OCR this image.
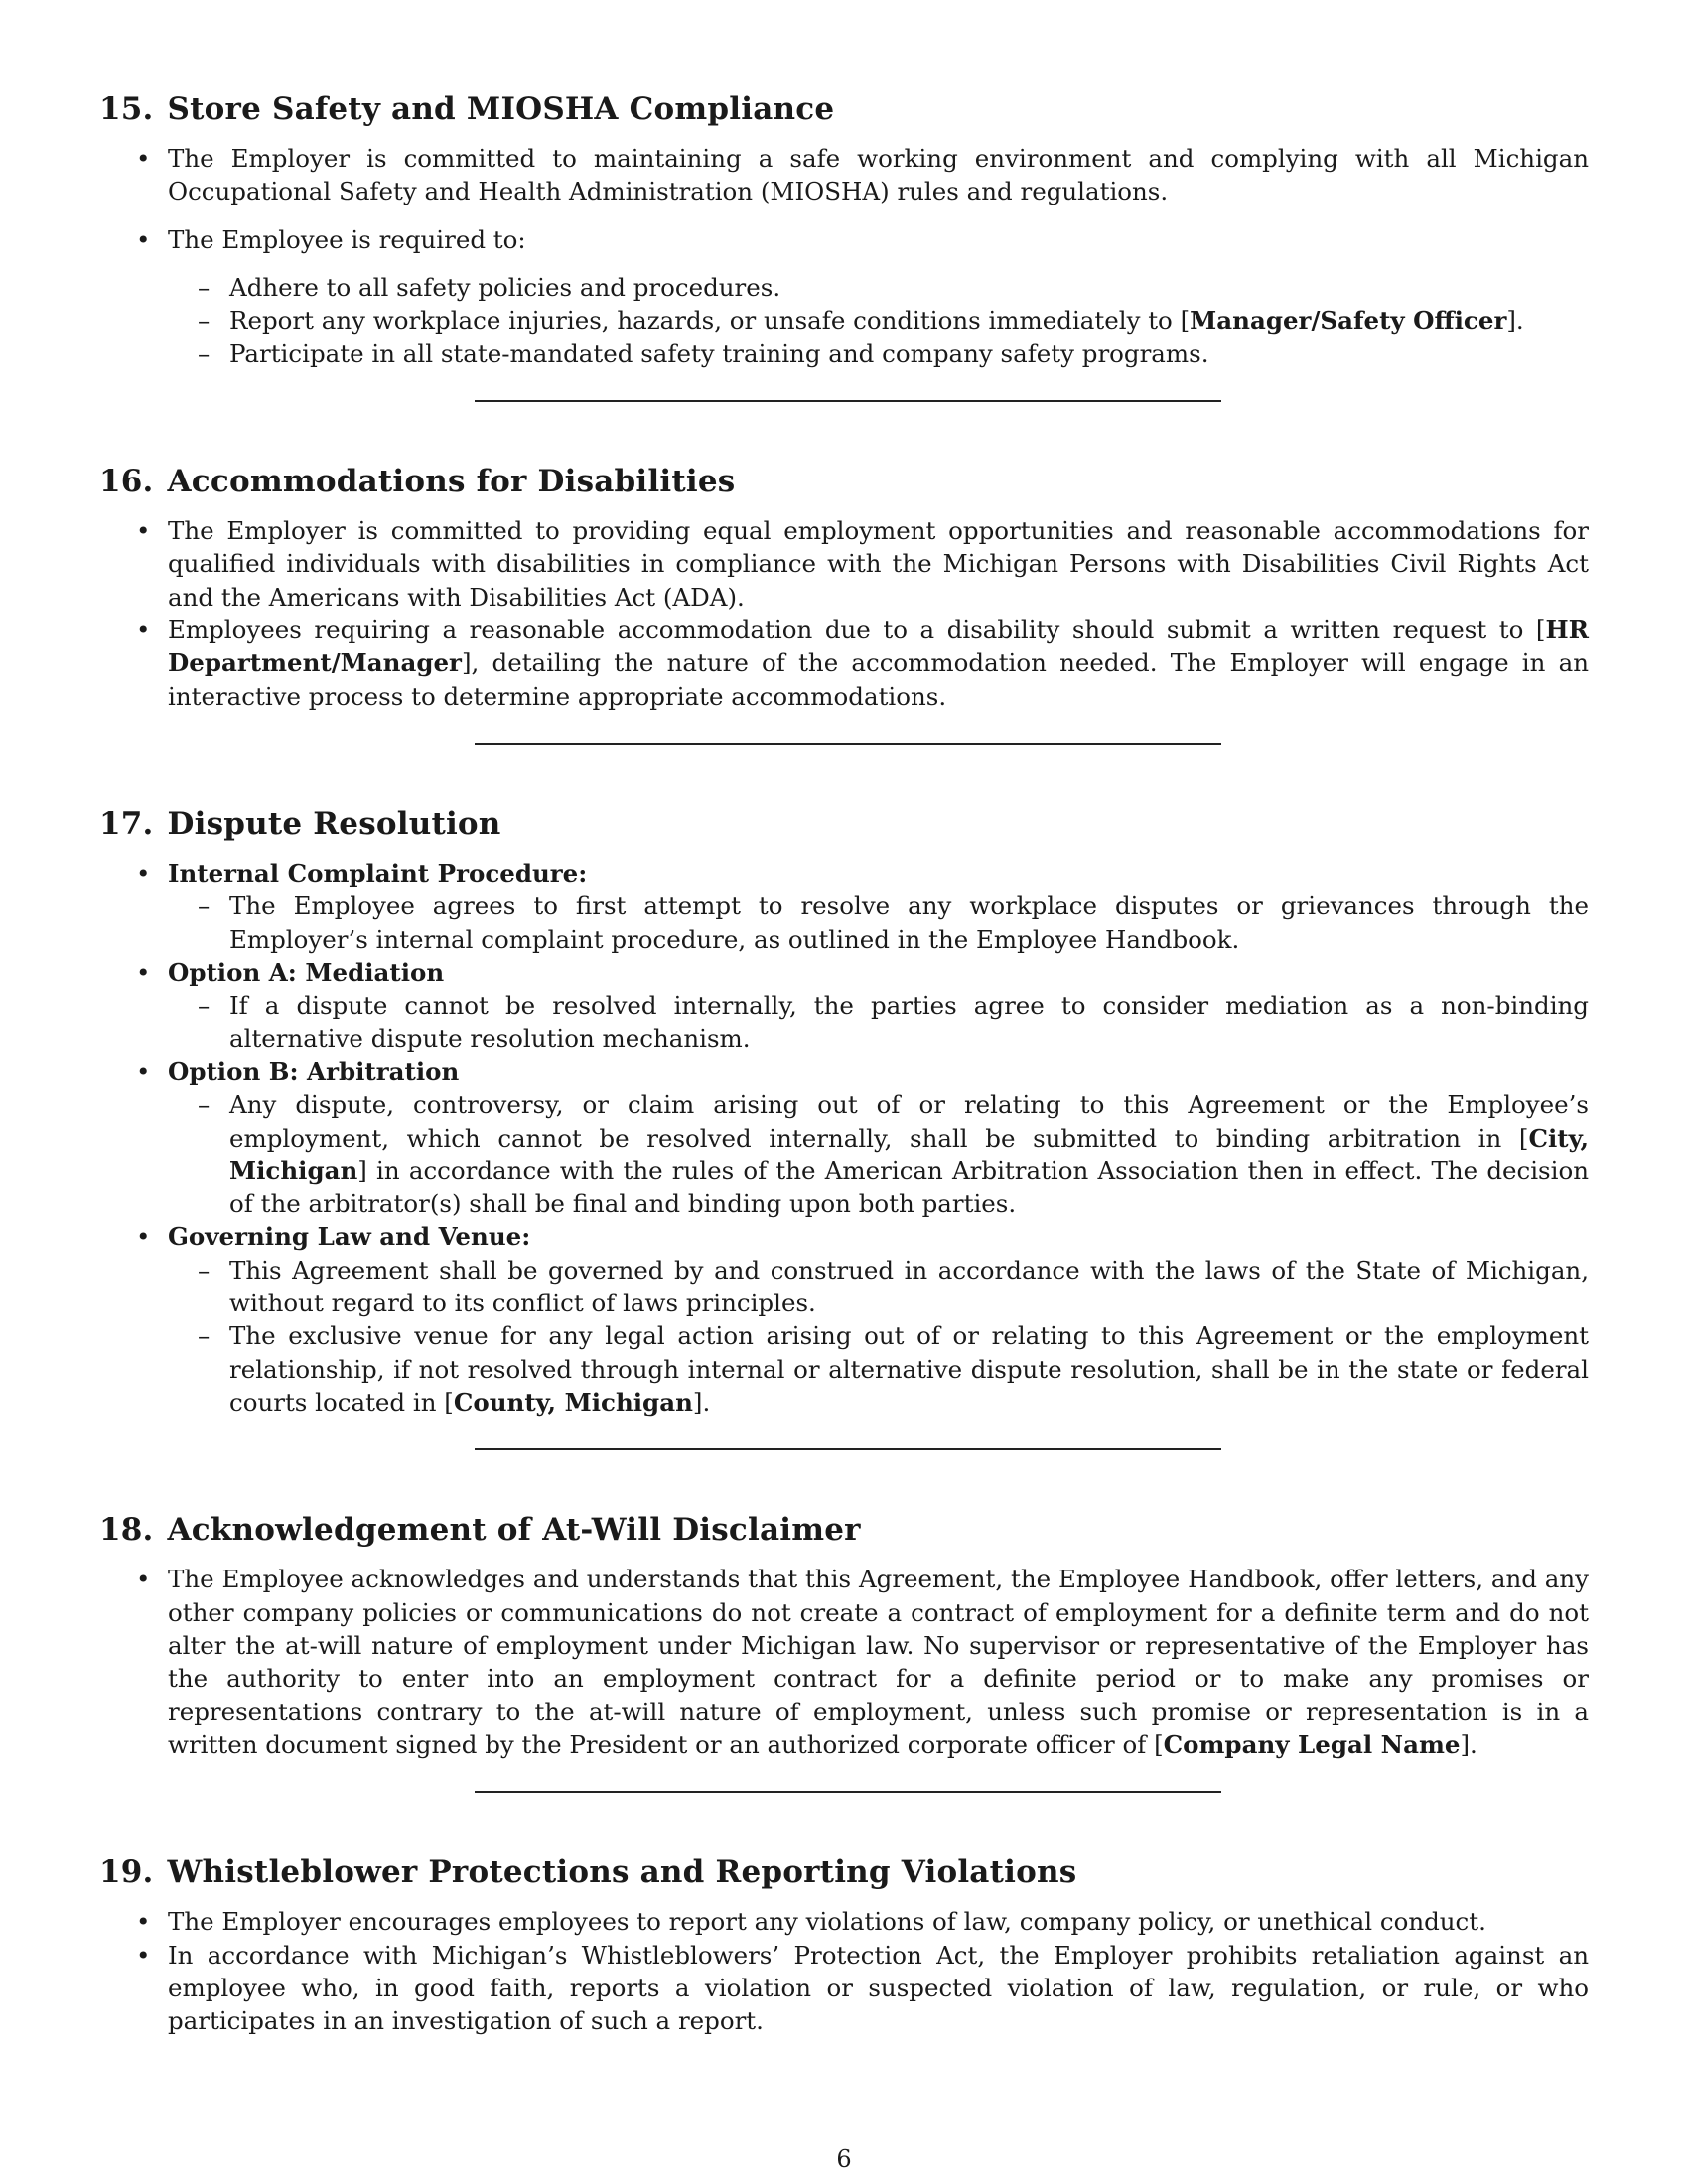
15. Store Safety and MIOSHA Compliance
• The Employer is committed to maintaining a safe working environment and complying with all Michigan Occupational Safety and Health Administration (MIOSHA) rules and regulations.
• The Employee is required to:
– Adhere to all safety policies and procedures.
– Report any workplace injuries, hazards, or unsafe conditions immediately to [Manager/Safety Officer].
– Participate in all state-mandated safety training and company safety programs.
16. Accommodations for Disabilities
• The Employer is committed to providing equal employment opportunities and reasonable accommodations for qualified individuals with disabilities in compliance with the Michigan Persons with Disabilities Civil Rights Act and the Americans with Disabilities Act (ADA).
• Employees requiring a reasonable accommodation due to a disability should submit a written request to [HR Department/Manager], detailing the nature of the accommodation needed. The Employer will engage in an interactive process to determine appropriate accommodations.
17. Dispute Resolution
• Internal Complaint Procedure:
– The Employee agrees to first attempt to resolve any workplace disputes or grievances through the Employer’s internal complaint procedure, as outlined in the Employee Handbook.
• Option A: Mediation
– If a dispute cannot be resolved internally, the parties agree to consider mediation as a non-binding alternative dispute resolution mechanism.
• Option B: Arbitration
– Any dispute, controversy, or claim arising out of or relating to this Agreement or the Employee’s employment, which cannot be resolved internally, shall be submitted to binding arbitration in [City, Michigan] in accordance with the rules of the American Arbitration Association then in effect. The decision of the arbitrator(s) shall be final and binding upon both parties.
• Governing Law and Venue:
– This Agreement shall be governed by and construed in accordance with the laws of the State of Michigan, without regard to its conflict of laws principles.
– The exclusive venue for any legal action arising out of or relating to this Agreement or the employment relationship, if not resolved through internal or alternative dispute resolution, shall be in the state or federal courts located in [County, Michigan].
18. Acknowledgement of At-Will Disclaimer
• The Employee acknowledges and understands that this Agreement, the Employee Handbook, offer letters, and any other company policies or communications do not create a contract of employment for a definite term and do not alter the at-will nature of employment under Michigan law. No supervisor or representative of the Employer has the authority to enter into an employment contract for a definite period or to make any promises or representations contrary to the at-will nature of employment, unless such promise or representation is in a written document signed by the President or an authorized corporate officer of [Company Legal Name].
19. Whistleblower Protections and Reporting Violations
• The Employer encourages employees to report any violations of law, company policy, or unethical conduct.
• In accordance with Michigan’s Whistleblowers’ Protection Act, the Employer prohibits retaliation against an employee who, in good faith, reports a violation or suspected violation of law, regulation, or rule, or who participates in an investigation of such a report.
6
